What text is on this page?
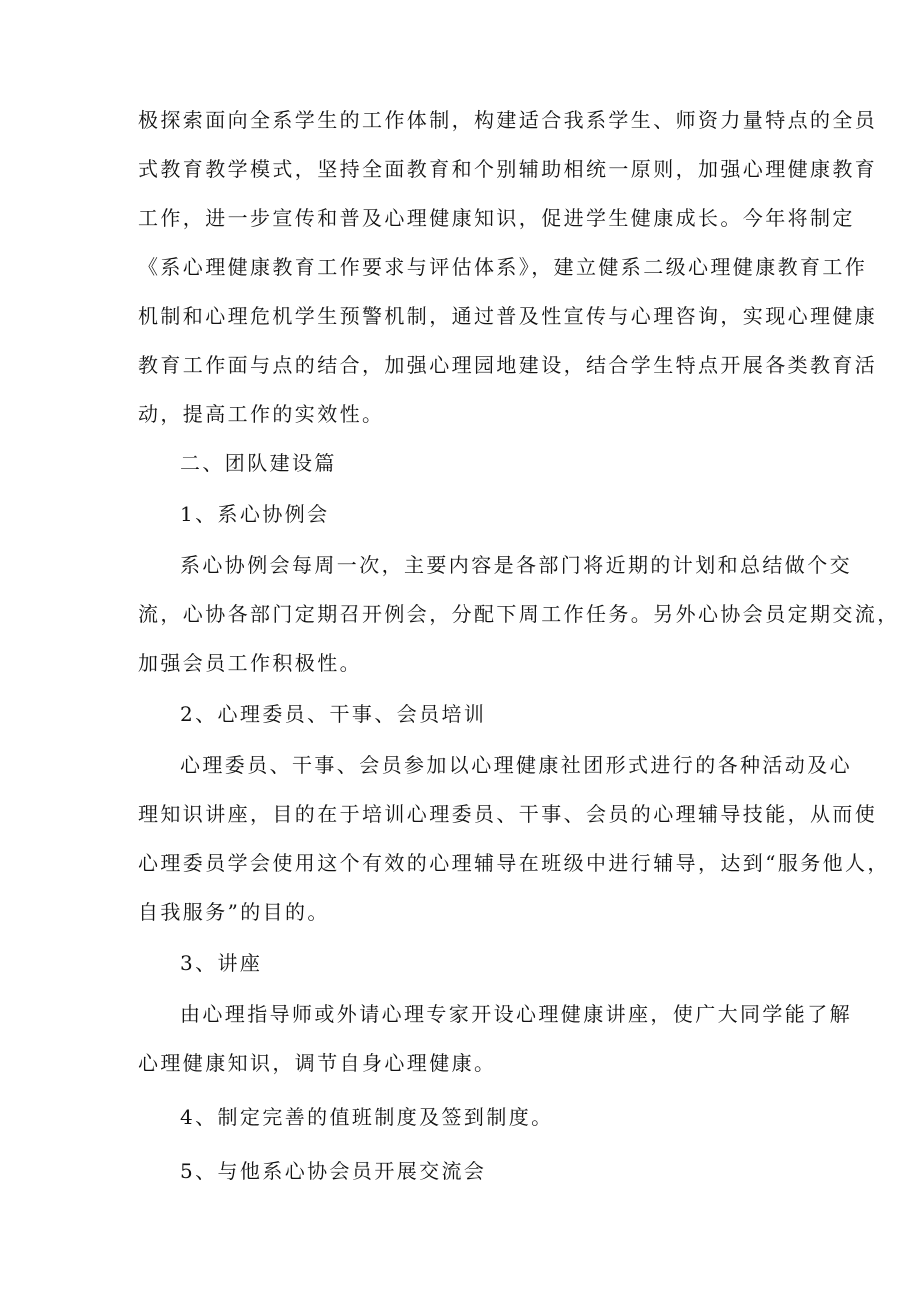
极探索面向全系学生的工作体制，构建适合我系学生、师资力量特点的全员
式教育教学模式，坚持全面教育和个别辅助相统一原则，加强心理健康教育
工作，进一步宣传和普及心理健康知识，促进学生健康成长。今年将制定
《系心理健康教育工作要求与评估体系》，建立健系二级心理健康教育工作
机制和心理危机学生预警机制，通过普及性宣传与心理咨询，实现心理健康
教育工作面与点的结合，加强心理园地建设，结合学生特点开展各类教育活
动，提高工作的实效性。
二、团队建设篇
1、系心协例会
系心协例会每周一次，主要内容是各部门将近期的计划和总结做个交
流，心协各部门定期召开例会，分配下周工作任务。另外心协会员定期交流，
加强会员工作积极性。
2、心理委员、干事、会员培训
心理委员、干事、会员参加以心理健康社团形式进行的各种活动及心
理知识讲座，目的在于培训心理委员、干事、会员的心理辅导技能，从而使
心理委员学会使用这个有效的心理辅导在班级中进行辅导，达到“服务他人，
自我服务”的目的。
3、讲座
由心理指导师或外请心理专家开设心理健康讲座，使广大同学能了解
心理健康知识，调节自身心理健康。
4、制定完善的值班制度及签到制度。
5、与他系心协会员开展交流会
